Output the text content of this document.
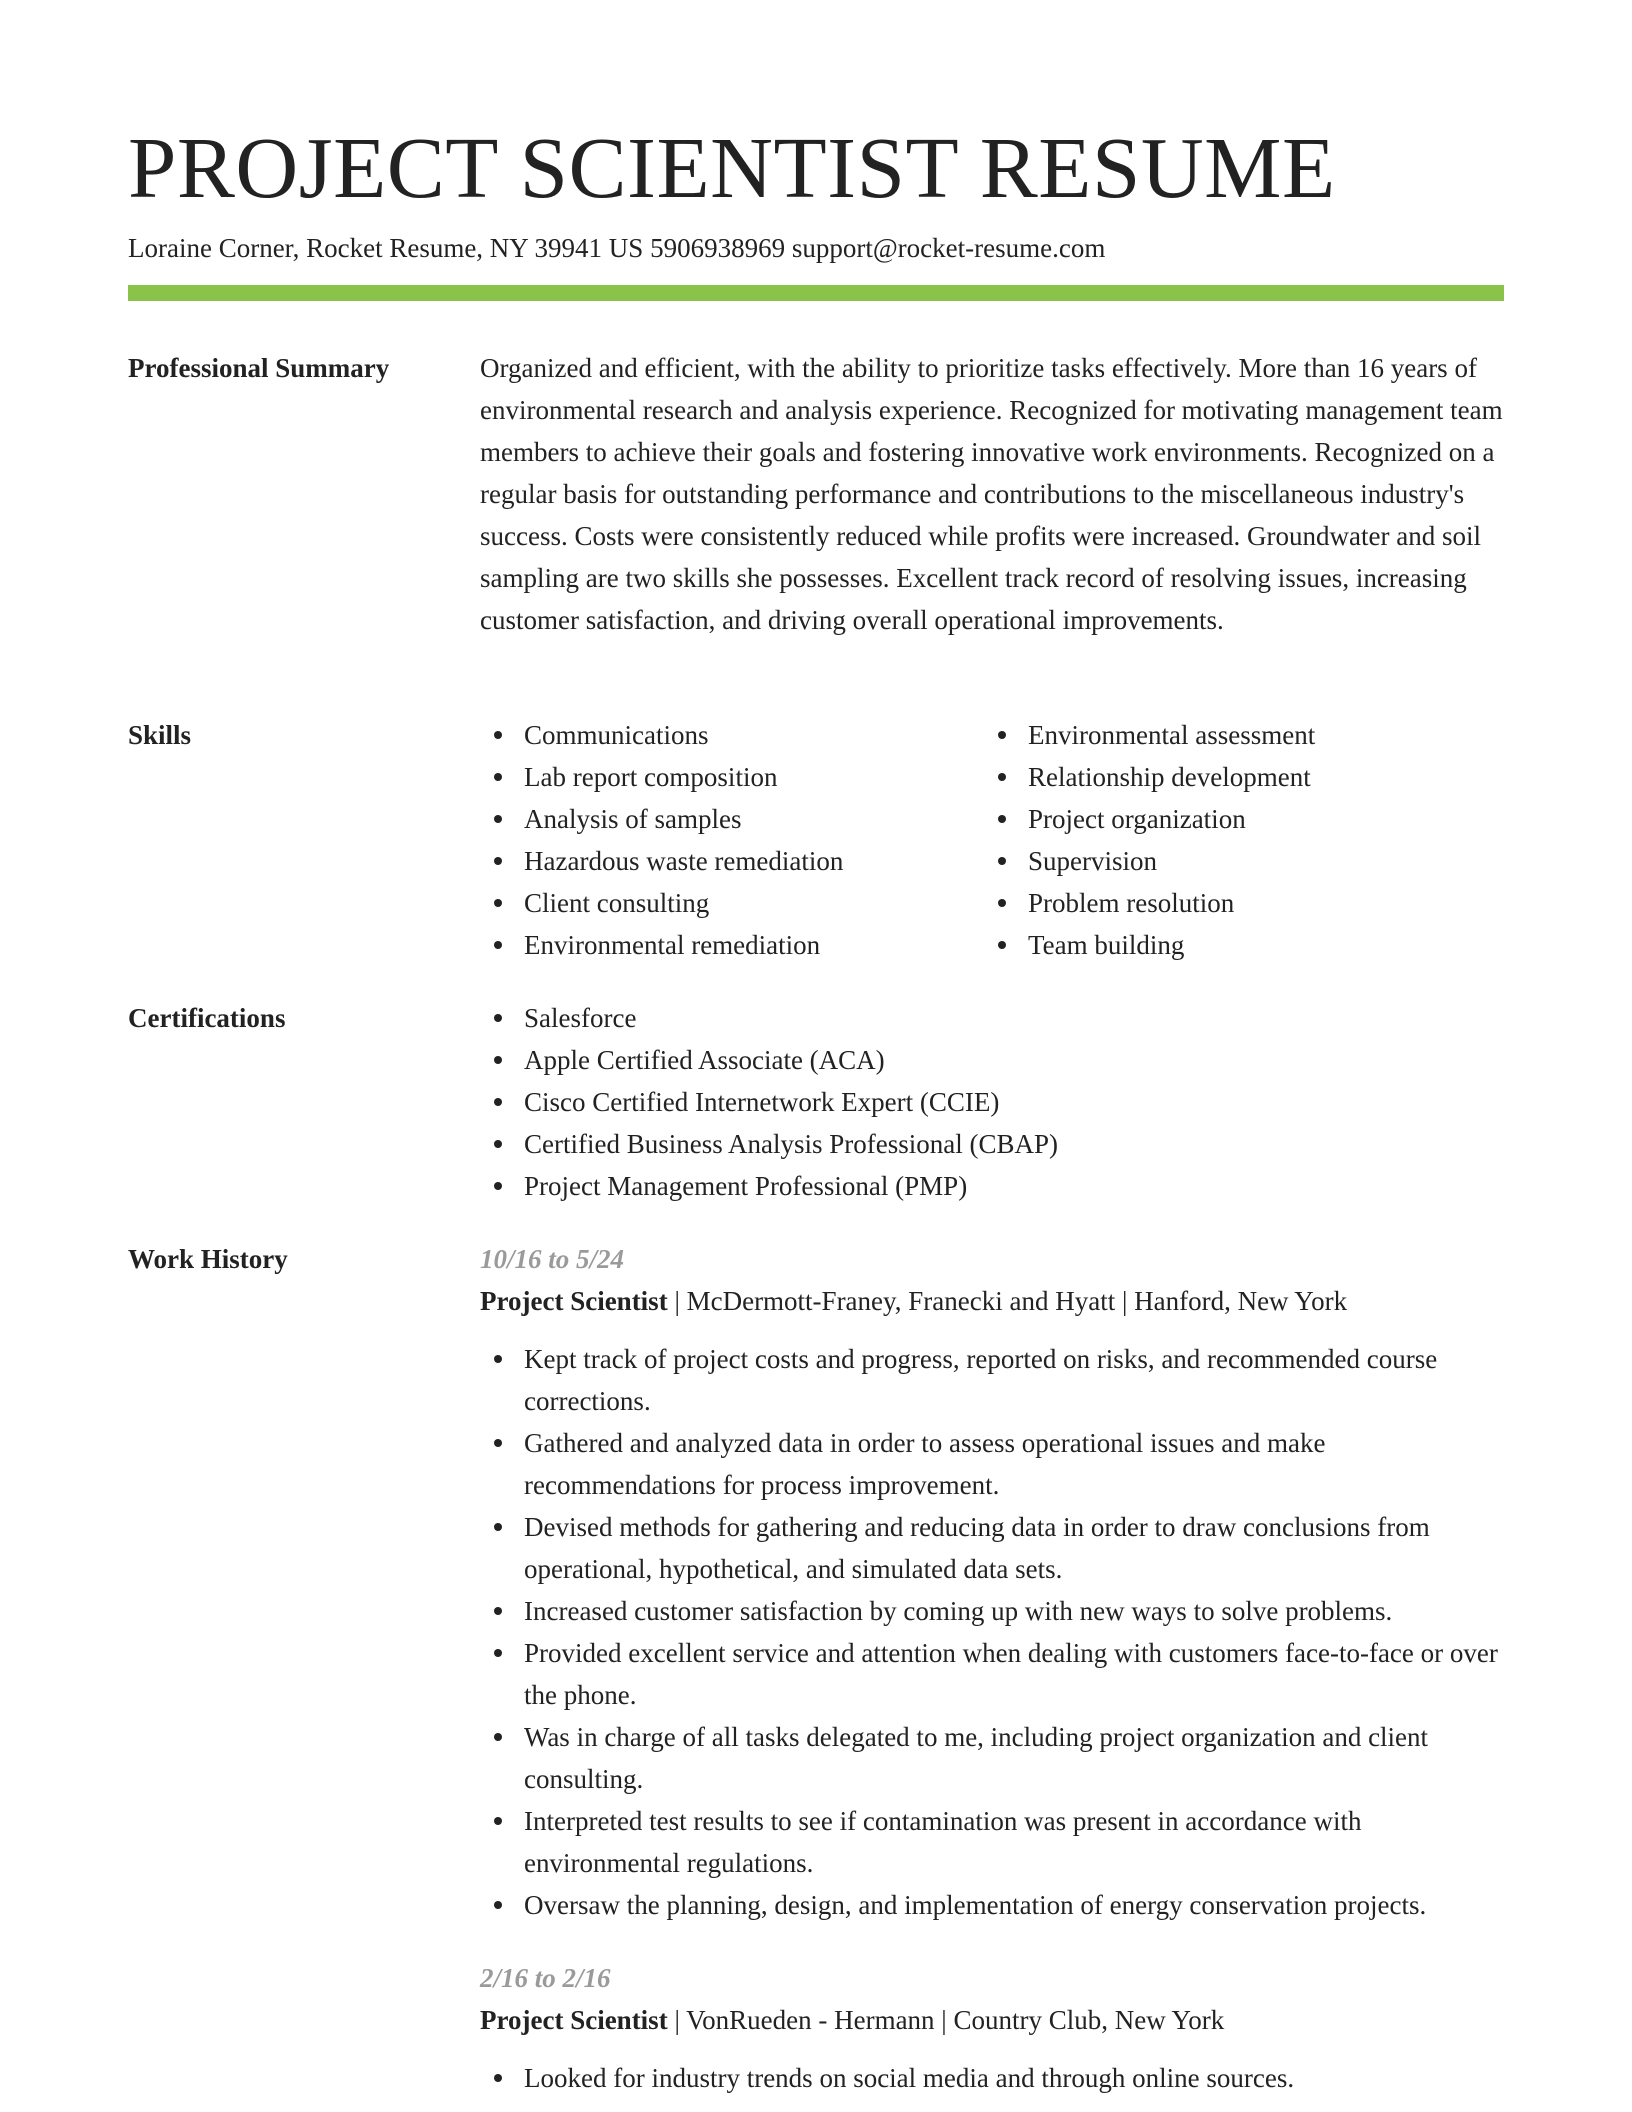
PROJECT SCIENTIST RESUME
Loraine Corner, Rocket Resume, NY 39941 US 5906938969 support@rocket-resume.com
Professional Summary	Organized and efficient, with the ability to prioritize tasks effectively. More than 16 years of environmental research and analysis experience. Recognized for motivating management team members to achieve their goals and fostering innovative work environments. Recognized on a regular basis for outstanding performance and contributions to the miscellaneous industry's success. Costs were consistently reduced while profits were increased. Groundwater and soil sampling are two skills she possesses. Excellent track record of resolving issues, increasing customer satisfaction, and driving overall operational improvements.

Skills	Communications
Lab report composition
Analysis of samples
Hazardous waste remediation
Client consulting
Environmental remediation
Environmental assessment
Relationship development
Project organization
Supervision
Problem resolution
Team building
Certifications	Salesforce
Apple Certified Associate (ACA)
Cisco Certified Internetwork Expert (CCIE)
Certified Business Analysis Professional (CBAP)
Project Management Professional (PMP)
Work History	10/16 to 5/24
Project Scientist | McDermott-Franey, Franecki and Hyatt | Hanford, New York
Kept track of project costs and progress, reported on risks, and recommended course corrections.
Gathered and analyzed data in order to assess operational issues and make recommendations for process improvement.
Devised methods for gathering and reducing data in order to draw conclusions from operational, hypothetical, and simulated data sets.
Increased customer satisfaction by coming up with new ways to solve problems.
Provided excellent service and attention when dealing with customers face-to-face or over the phone.
Was in charge of all tasks delegated to me, including project organization and client consulting.
Interpreted test results to see if contamination was present in accordance with environmental regulations.
Oversaw the planning, design, and implementation of energy conservation projects.
2/16 to 2/16
Project Scientist | VonRueden - Hermann | Country Club, New York
Looked for industry trends on social media and through online sources.
